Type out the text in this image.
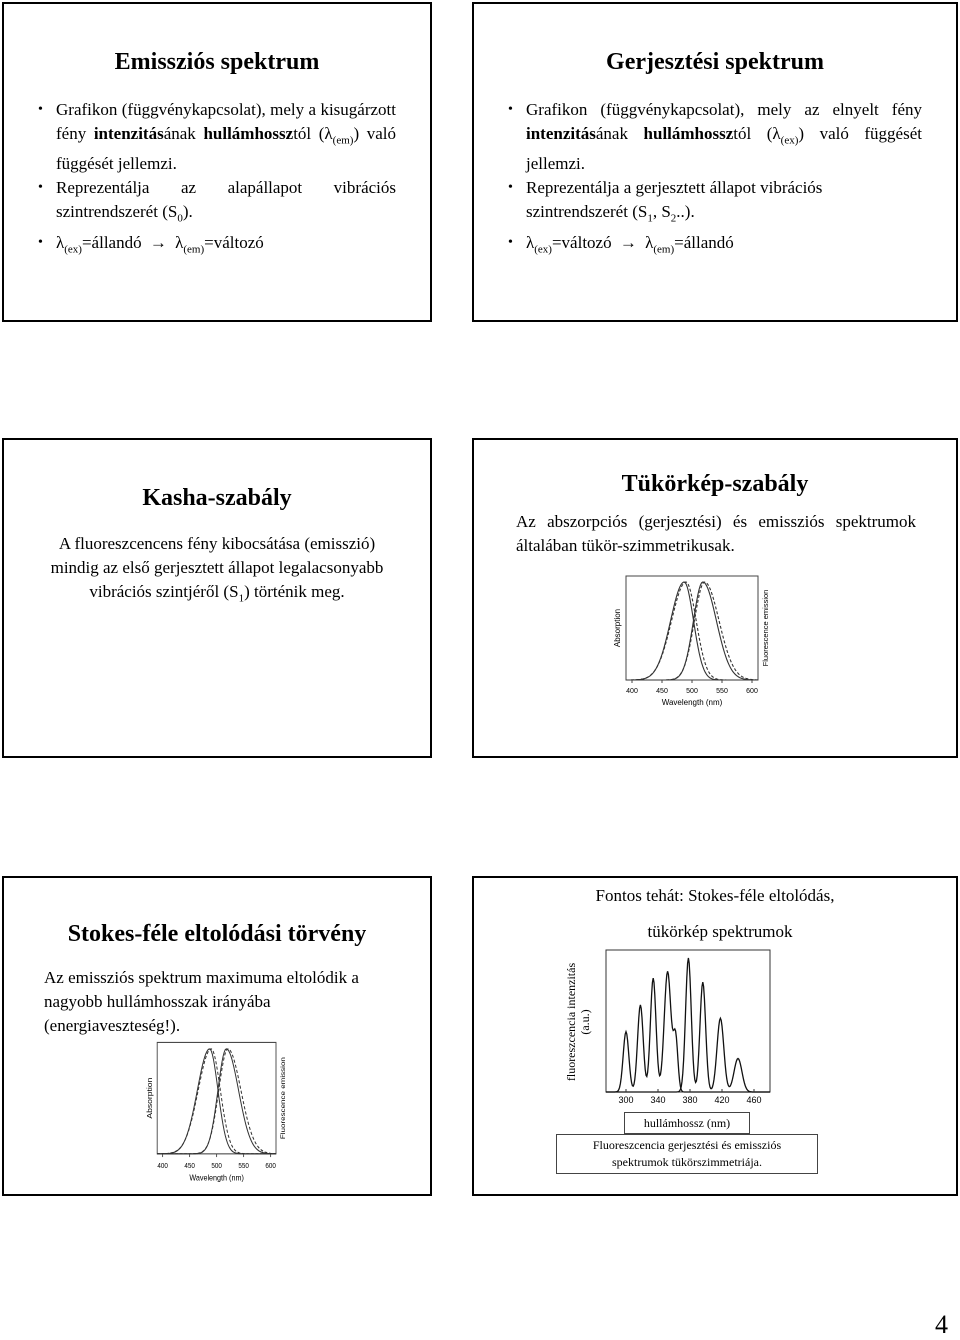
Emissziós spektrum
• Grafikon (függvénykapcsolat), mely a kisugárzott fény intenzitásának hullámhossztól $(\lambda_{(em)})$ való függését jellemzi.
• Reprezentálja az alapállapot vibrációs szintrendszerét $(S_0)$.
• $\lambda_{(ex)}=állandó$ → $\lambda_{(em)}=változó$
Gerjesztési spektrum
• Grafikon (függvénykapcsolat), mely az elnyelt fény intenzitásának hullámhossztól $(\lambda_{(ex)})$ való függését jellemzi.
• Reprezentálja a gerjesztett állapot vibrációs szintrendszerét ($S_1$, $S_2$..).
• $\lambda_{(ex)}=változó$ → $\lambda_{(em)}=állandó$
Kasha-szabály

A fluoreszcencens fény kibocsátása (emisszió) mindig az első gerjesztett állapot legalacsonyabb vibrációs szintjéről $(S_1)$ történik meg.

Tükörkép-szabály

Az abszorpciós (gerjesztési) és emissziós spektrumok általában tükör-szimmetrikusak.

400	450	500	550	600
Wavelength (nm)
Absorption	Fluorescence emission
Stokes-féle eltolódási törvény

Az emissziós spektrum maximuma eltolódik a nagyobb hullámhosszak irányába (energiaveszteség!).

400 450 500 550 600
Wavelength (nm)
Absorption	Fluorescence emission
Fontos tehát: Stokes-féle eltolódás,
tükörkép spektrumok
fluoreszcencia intenzitás (a.u.)
300 340 380 420 460
hullámhossz (nm)
Fluoreszcencia gerjesztési és emissziós spektrumok tükörszimmetriája.
4
